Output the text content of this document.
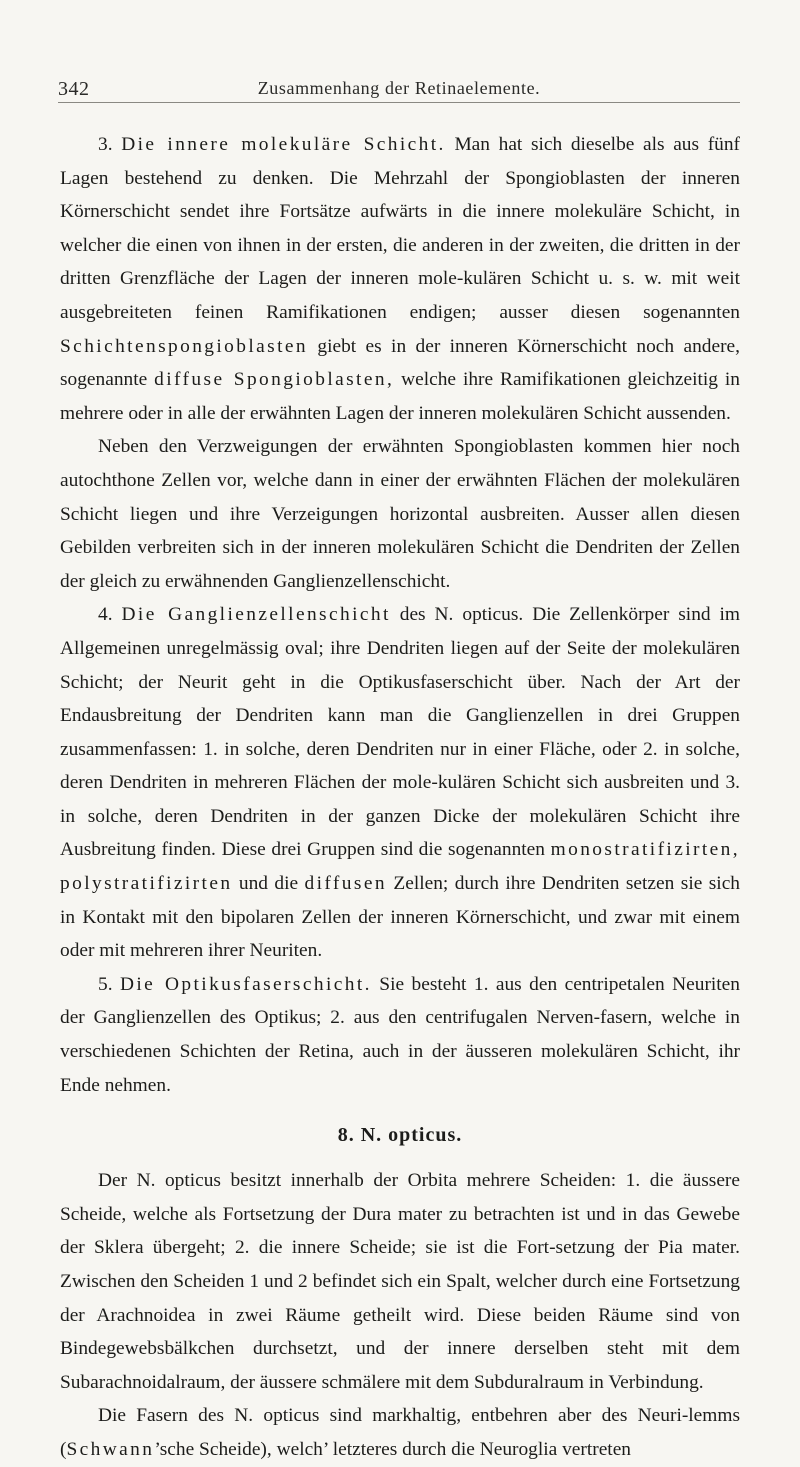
342	Zusammenhang der Retinaelemente.

3. Die innere molekuläre Schicht. Man hat sich dieselbe als aus fünf Lagen bestehend zu denken. Die Mehrzahl der Spongioblasten der inneren Körnerschicht sendet ihre Fortsätze aufwärts in die innere molekuläre Schicht, in welcher die einen von ihnen in der ersten, die anderen in der zweiten, die dritten in der dritten Grenzfläche der Lagen der inneren mole-kulären Schicht u. s. w. mit weit ausgebreiteten feinen Ramifikationen endigen; ausser diesen sogenannten Schichtenspongioblasten giebt es in der inneren Körnerschicht noch andere, sogenannte diffuse Spongioblasten, welche ihre Ramifikationen gleichzeitig in mehrere oder in alle der erwähnten Lagen der inneren molekulären Schicht aussenden.

Neben den Verzweigungen der erwähnten Spongioblasten kommen hier noch autochthone Zellen vor, welche dann in einer der erwähnten Flächen der molekulären Schicht liegen und ihre Verzeigungen horizontal ausbreiten. Ausser allen diesen Gebilden verbreiten sich in der inneren molekulären Schicht die Dendriten der Zellen der gleich zu erwähnenden Ganglienzellenschicht.

4. Die Ganglienzellenschicht des N. opticus. Die Zellenkörper sind im Allgemeinen unregelmässig oval; ihre Dendriten liegen auf der Seite der molekulären Schicht; der Neurit geht in die Optikusfaserschicht über. Nach der Art der Endausbreitung der Dendriten kann man die Ganglienzellen in drei Gruppen zusammenfassen: 1. in solche, deren Dendriten nur in einer Fläche, oder 2. in solche, deren Dendriten in mehreren Flächen der mole-kulären Schicht sich ausbreiten und 3. in solche, deren Dendriten in der ganzen Dicke der molekulären Schicht ihre Ausbreitung finden. Diese drei Gruppen sind die sogenannten monostratifizirten, polystratifizirten und die diffusen Zellen; durch ihre Dendriten setzen sie sich in Kontakt mit den bipolaren Zellen der inneren Körnerschicht, und zwar mit einem oder mit mehreren ihrer Neuriten.

5. Die Optikusfaserschicht. Sie besteht 1. aus den centripetalen Neuriten der Ganglienzellen des Optikus; 2. aus den centrifugalen Nerven-fasern, welche in verschiedenen Schichten der Retina, auch in der äusseren molekulären Schicht, ihr Ende nehmen.

8. N. opticus.

Der N. opticus besitzt innerhalb der Orbita mehrere Scheiden: 1. die äussere Scheide, welche als Fortsetzung der Dura mater zu betrachten ist und in das Gewebe der Sklera übergeht; 2. die innere Scheide; sie ist die Fort-setzung der Pia mater. Zwischen den Scheiden 1 und 2 befindet sich ein Spalt, welcher durch eine Fortsetzung der Arachnoidea in zwei Räume getheilt wird. Diese beiden Räume sind von Bindegewebsbälkchen durchsetzt, und der innere derselben steht mit dem Subarachnoidalraum, der äussere schmälere mit dem Subduralraum in Verbindung.

Die Fasern des N. opticus sind markhaltig, entbehren aber des Neuri-lemms (Schwann’sche Scheide), welch’ letzteres durch die Neuroglia vertreten
